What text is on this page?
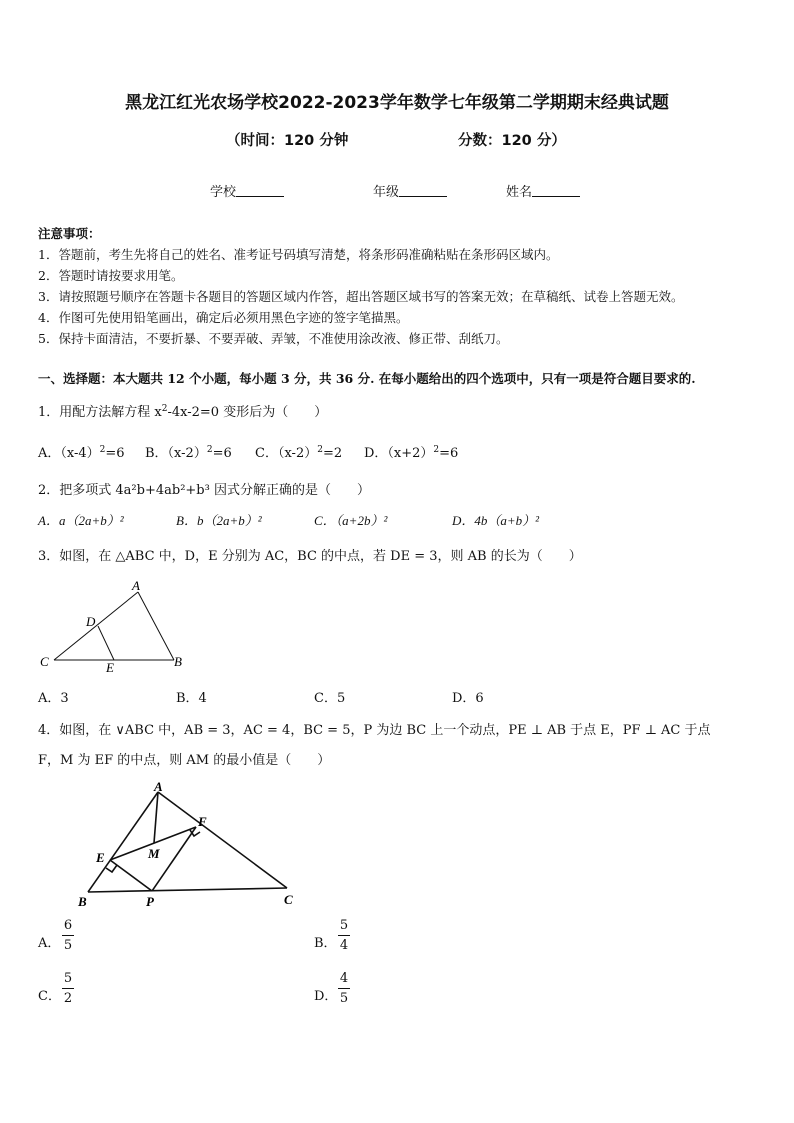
黑龙江红光农场学校2022-2023学年数学七年级第二学期期末经典试题
（时间：120 分钟	分数：120 分）
学校	年级	姓名
注意事项：
1．答题前，考生先将自己的姓名、准考证号码填写清楚，将条形码准确粘贴在条形码区域内。
2．答题时请按要求用笔。
3．请按照题号顺序在答题卡各题目的答题区域内作答，超出答题区域书写的答案无效；在草稿纸、试卷上答题无效。
4．作图可先使用铅笔画出，确定后必须用黑色字迹的签字笔描黑。
5．保持卡面清洁，不要折暴、不要弄破、弄皱，不准使用涂改液、修正带、刮纸刀。
一、选择题：本大题共 12 个小题，每小题 3 分，共 36 分. 在每小题给出的四个选项中，只有一项是符合题目要求的.
1．用配方法解方程 $x^2-4x-2=0$ 变形后为（　　）
A．$(x-4)^2=6$ B．$(x-2)^2=6$ C．$(x-2)^2=2$ D．$(x+2)^2=6$
2．把多项式 4a²b+4ab²+b³ 因式分解正确的是（　　）
A．a（2a+b）²	B．b（2a+b）²	C．（a+2b）²	D．4b（a+b）²
3．如图，在 △ABC 中，D，E 分别为 AC，BC 的中点，若 DE = 3，则 AB 的长为（　　）
A
D
C	E	B
A．3	B．4	C．5	D．6
4．如图，在 ∨ABC 中，AB = 3，AC = 4，BC = 5，P 为边 BC 上一个动点，PE ⊥ AB 于点 E，PF ⊥ AC 于点
F，M 为 EF 的中点，则 AM 的最小值是（　　）
A
F
E	M
B	P	C
A．
6
5	B．
5
4
C．
5
2	D．
4
5
